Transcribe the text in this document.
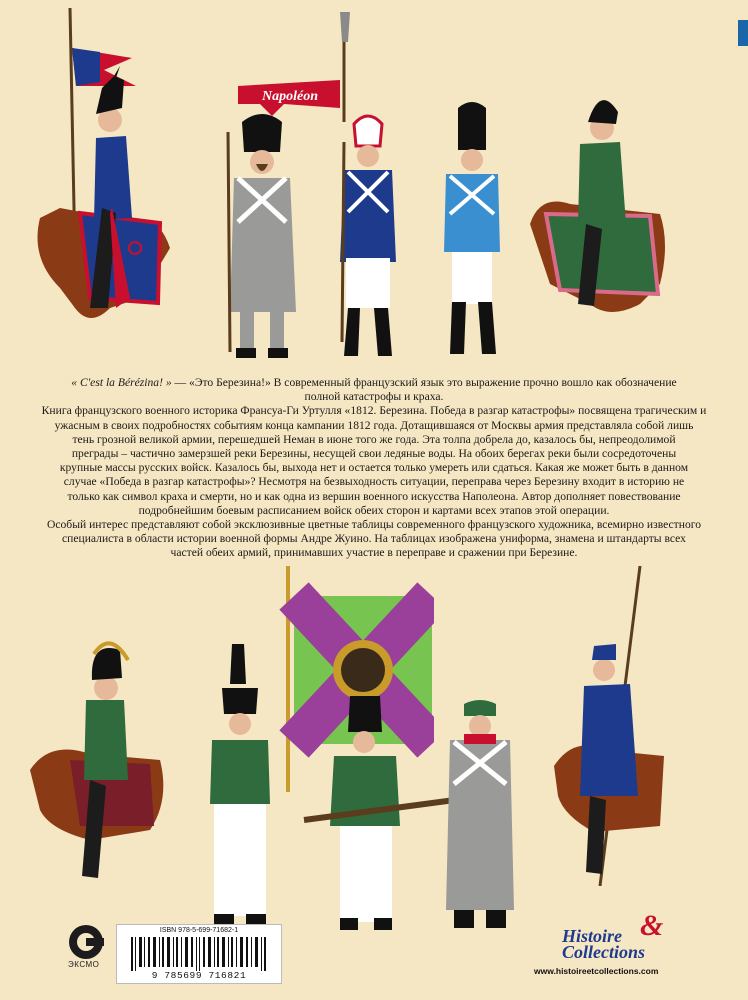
Napoléon

« C'est la Bérézina! » — «Это Березина!» В современный французский язык это выражение прочно вошло как обозначение

полной катастрофы и краха.

Книга французского военного историка Франсуа-Ги Уртулля «1812. Березина. Победа в разгар катастрофы» посвящена трагическим и

ужасным в своих подробностях событиям конца кампании 1812 года. Дотащившаяся от Москвы армия представляла собой лишь

тень грозной великой армии, перешедшей Неман в июне того же года. Эта толпа добрела до, казалось бы, непреодолимой

преграды – частично замерзшей реки Березины, несущей свои ледяные воды. На обоих берегах реки были сосредоточены

крупные массы русских войск. Казалось бы, выхода нет и остается только умереть или сдаться. Какая же может быть в данном

случае «Победа в разгар катастрофы»? Несмотря на безвыходность ситуации, переправа через Березину входит в историю не

только как символ краха и смерти, но и как одна из вершин военного искусства Наполеона. Автор дополняет повествование

подробнейшим боевым расписанием войск обеих сторон и картами всех этапов этой операции.

Особый интерес представляют собой эксклюзивные цветные таблицы современного французского художника, всемирно известного

специалиста в области истории военной формы Андре Жуино. На таблицах изображена униформа, знамена и штандарты всех

частей обеих армий, принимавших участие в переправе и сражении при Березине.

ЭКСМО
ISBN 978-5-699-71682-1
9 785699 716821
Histoire
Collections
&
www.histoireetcollections.com
